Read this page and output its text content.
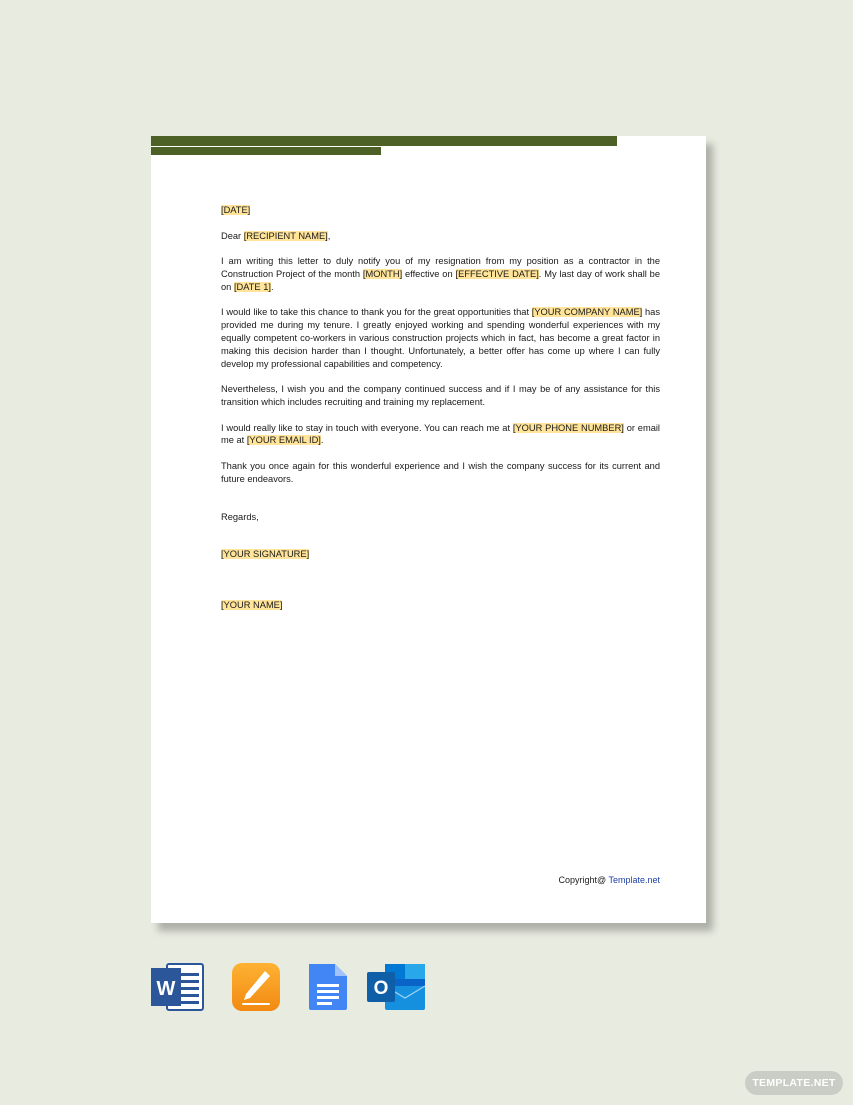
[DATE]

Dear [RECIPIENT NAME],

I am writing this letter to duly notify you of my resignation from my position as a contractor in the Construction Project of the month [MONTH] effective on [EFFECTIVE DATE]. My last day of work shall be on [DATE 1].

I would like to take this chance to thank you for the great opportunities that [YOUR COMPANY NAME] has provided me during my tenure. I greatly enjoyed working and spending wonderful experiences with my equally competent co-workers in various construction projects which in fact, has become a great factor in making this decision harder than I thought. Unfortunately, a better offer has come up where I can fully develop my professional capabilities and competency.

Nevertheless, I wish you and the company continued success and if I may be of any assistance for this transition which includes recruiting and training my replacement.

I would really like to stay in touch with everyone. You can reach me at [YOUR PHONE NUMBER] or email me at [YOUR EMAIL ID].

Thank you once again for this wonderful experience and I wish the company success for its current and future endeavors.

Regards,

[YOUR SIGNATURE]

[YOUR NAME]

Copyright@ Template.net
W	O
TEMPLATE.NET
